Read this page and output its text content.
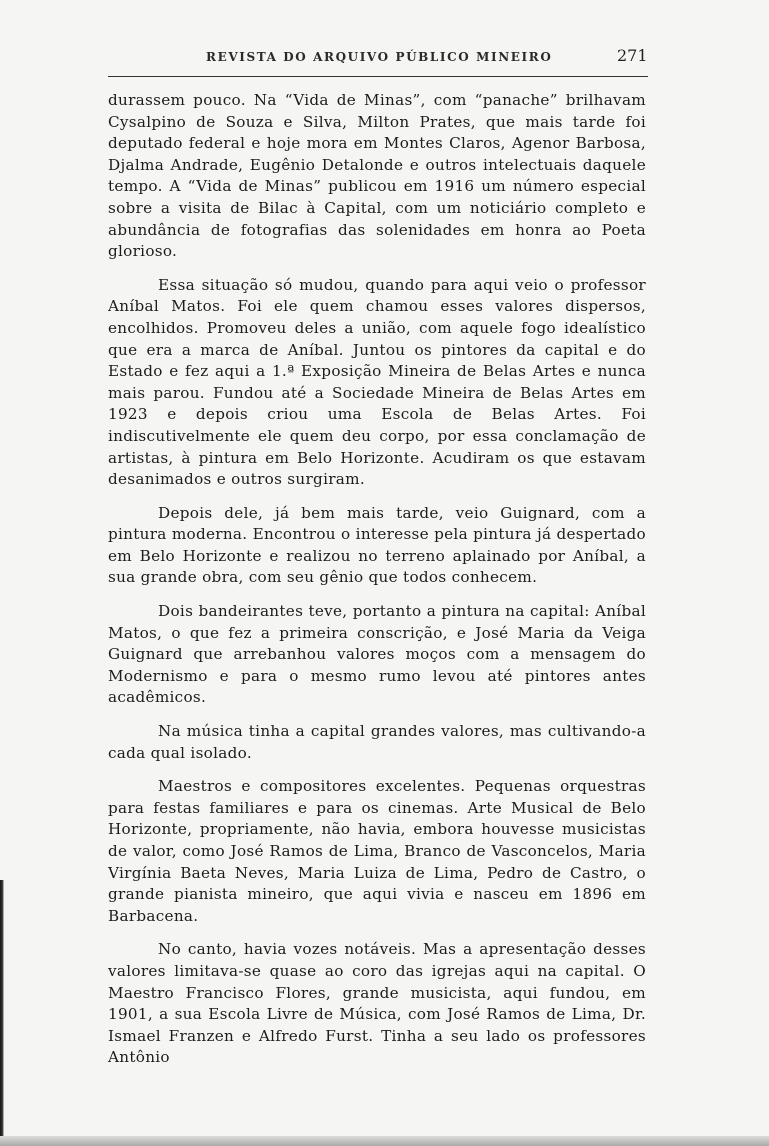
REVISTA DO ARQUIVO PÚBLICO MINEIRO	271

durassem pouco. Na “Vida de Minas”, com “panache” brilhavam Cysalpino de Souza e Silva, Milton Prates, que mais tarde foi deputado federal e hoje mora em Montes Claros, Agenor Barbosa, Djalma Andrade, Eugênio Detalonde e outros intelectuais daquele tempo. A “Vida de Minas” publicou em 1916 um número especial sobre a visita de Bilac à Capital, com um noticiário completo e abundância de fotografias das solenidades em honra ao Poeta glorioso.

Essa situação só mudou, quando para aqui veio o professor Aníbal Matos. Foi ele quem chamou esses valores dispersos, encolhidos. Promoveu deles a união, com aquele fogo idealístico que era a marca de Aníbal. Juntou os pintores da capital e do Estado e fez aqui a 1.ª Exposição Mineira de Belas Artes e nunca mais parou. Fundou até a Sociedade Mineira de Belas Artes em 1923 e depois criou uma Escola de Belas Artes. Foi indiscutivelmente ele quem deu corpo, por essa conclamação de artistas, à pintura em Belo Horizonte. Acudiram os que estavam desanimados e outros surgiram.

Depois dele, já bem mais tarde, veio Guignard, com a pintura moderna. Encontrou o interesse pela pintura já despertado em Belo Horizonte e realizou no terreno aplainado por Aníbal, a sua grande obra, com seu gênio que todos conhecem.

Dois bandeirantes teve, portanto a pintura na capital: Aníbal Matos, o que fez a primeira conscrição, e José Maria da Veiga Guignard que arrebanhou valores moços com a mensagem do Modernismo e para o mesmo rumo levou até pintores antes acadêmicos.

Na música tinha a capital grandes valores, mas cultivando-a cada qual isolado.

Maestros e compositores excelentes. Pequenas orquestras para festas familiares e para os cinemas. Arte Musical de Belo Horizonte, propriamente, não havia, embora houvesse musicistas de valor, como José Ramos de Lima, Branco de Vasconcelos, Maria Virgínia Baeta Neves, Maria Luiza de Lima, Pedro de Castro, o grande pianista mineiro, que aqui vivia e nasceu em 1896 em Barbacena.

No canto, havia vozes notáveis. Mas a apresentação desses valores limitava-se quase ao coro das igrejas aqui na capital. O Maestro Francisco Flores, grande musicista, aqui fundou, em 1901, a sua Escola Livre de Música, com José Ramos de Lima, Dr. Ismael Franzen e Alfredo Furst. Tinha a seu lado os professores Antônio
